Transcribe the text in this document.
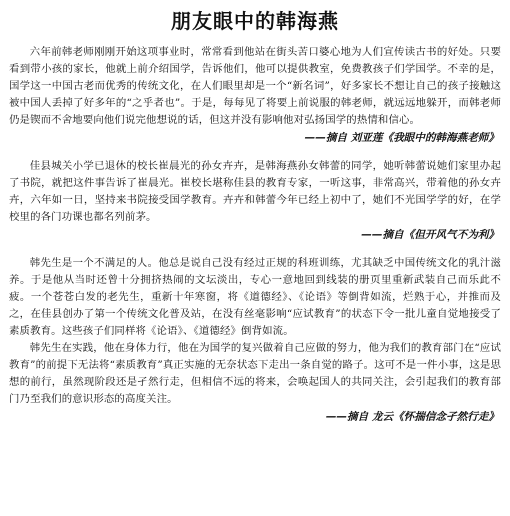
朋友眼中的韩海燕

六年前韩老师刚刚开始这项事业时，常常看到他站在街头苦口婆心地为人们宣传读古书的好处。只要看到带小孩的家长，他就上前介绍国学，告诉他们，他可以提供教室，免费教孩子们学国学。不幸的是，国学这一中国古老而优秀的传统文化，在人们眼里却是一个“新名词”，好多家长不想让自己的孩子接触这被中国人丢掉了好多年的“之乎者也”。于是，每每见了将要上前说服的韩老师，就远远地躲开，而韩老师仍是锲而不舍地要向他们说完他想说的话，但这并没有影响他对弘扬国学的热情和信心。

——摘自 刘亚莲《我眼中的韩海燕老师》

佳县城关小学已退休的校长崔晨光的孙女卉卉，是韩海燕孙女韩蕾的同学，她听韩蕾说她们家里办起了书院，就把这件事告诉了崔晨光。崔校长堪称佳县的教育专家，一听这事，非常高兴，带着他的孙女卉卉，六年如一日，坚持来书院接受国学教育。卉卉和韩蕾今年已经上初中了，她们不光国学学的好，在学校里的各门功课也都名列前茅。

——摘自《但开风气不为利》

韩先生是一个不满足的人。他总是说自己没有经过正规的科班训练，尤其缺乏中国传统文化的乳汁滋养。于是他从当时还曾十分拥挤热闹的文坛淡出，专心一意地回到线装的册页里重新武装自己而乐此不疲。一个苍苍白发的老先生，重新十年寒窗，将《道德经》、《论语》等倒背如流，烂熟于心，并推而及之，在佳县创办了第一个传统文化普及站，在没有丝毫影响“应试教育”的状态下令一批儿童自觉地接受了素质教育。这些孩子们同样将《论语》、《道德经》倒背如流。

韩先生在实践，他在身体力行，他在为国学的复兴做着自己应做的努力，他为我们的教育部门在“应试教育”的前提下无法将“素质教育”真正实施的无奈状态下走出一条自觉的路子。这可不是一件小事，这是思想的前行，虽然现阶段还是孑然行走，但相信不远的将来，会唤起国人的共同关注，会引起我们的教育部门乃至我们的意识形态的高度关注。

——摘自 龙云《怀揣信念孑然行走》
